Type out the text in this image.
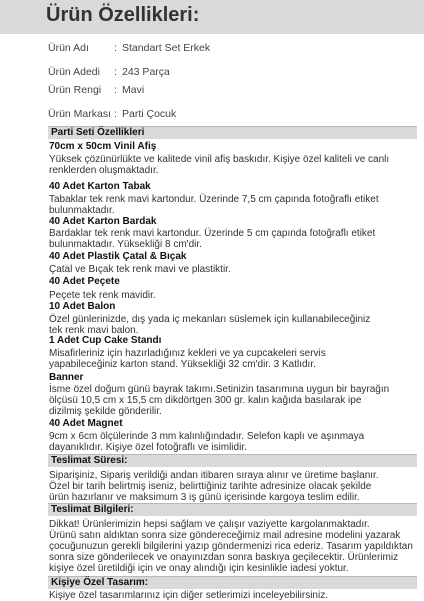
Ürün Özellikleri:
Ürün Adı : Standart Set Erkek
Ürün Adedi : 243 Parça
Ürün Rengi : Mavi
Ürün Markası : Parti Çocuk
Parti Seti Özellikleri
70cm x 50cm Vinil Afiş
Yüksek çözünürlükte ve kalitede vinil afiş baskıdır. Kişiye özel kaliteli ve canlı
renklerden oluşmaktadır.
40 Adet Karton Tabak
Tabaklar tek renk mavi kartondur. Üzerinde 7,5 cm çapında fotoğraflı etiket
bulunmaktadır.
40 Adet Karton Bardak
Bardaklar tek renk mavi kartondur. Üzerinde 5 cm çapında fotoğraflı etiket
bulunmaktadır. Yüksekliği 8 cm'dir.
40 Adet Plastik Çatal & Bıçak
Çatal ve Bıçak tek renk mavi ve plastiktir.
40 Adet Peçete
Peçete tek renk mavidir.
10 Adet Balon
Özel günlerinizde, dış yada iç mekanları süslemek için kullanabileceğiniz
tek renk mavi balon.
1 Adet Cup Cake Standı
Misafirleriniz için hazırladığınız kekleri ve ya cupcakeleri servis
yapabileceğiniz karton stand. Yüksekliği 32 cm'dir. 3 Katlıdır.
Banner
İsme özel doğum günü bayrak takımı.Setinizin tasarımına uygun bir bayrağın
ölçüsü 10,5 cm x 15,5 cm dikdörtgen 300 gr. kalın kağıda basılarak ipe
dizilmiş şekilde gönderilir.
40 Adet Magnet
9cm x 6cm ölçülerinde 3 mm kalınlığındadır. Selefon kaplı ve aşınmaya
dayanıklıdır. Kişiye özel fotoğraflı ve isimlidir.
Teslimat Süresi:
Siparişiniz, Sipariş verildiği andan itibaren sıraya alınır ve üretime başlanır.
Özel bir tarih belirtmiş iseniz, belirttiğiniz tarihte adresinize olacak şekilde
ürün hazırlanır ve maksimum 3 iş günü içerisinde kargoya teslim edilir.
Teslimat Bilgileri:
Dikkat! Ürünlerimizin hepsi sağlam ve çalışır vaziyette kargolanmaktadır.
Ürünü satın aldıktan sonra size göndereceğimiz mail adresine modelini yazarak
çocuğunuzun gerekli bilgilerini yazıp göndermenizi rica ederiz. Tasarım yapıldıktan
sonra size gönderilecek ve onayınızdan sonra baskıya geçilecektir. Ürünlerimiz
kişiye özel üretildiği için ve onay alındığı için kesinlikle iadesi yoktur.
Kişiye Özel Tasarım:
Kişiye özel tasarımlarınız için diğer setlerimizi inceleyebilirsiniz.
